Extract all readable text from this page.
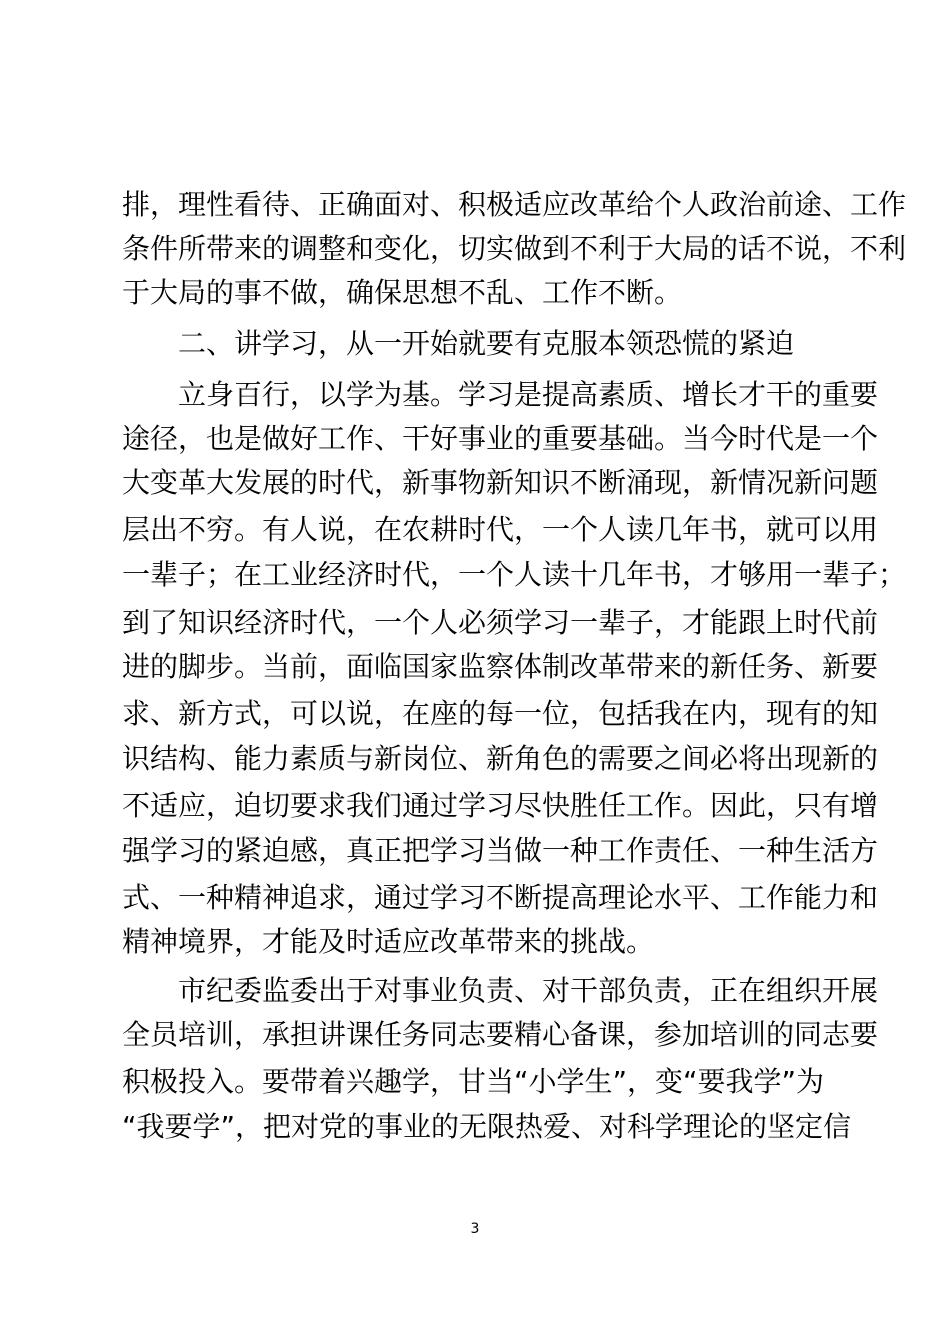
排，理性看待、正确面对、积极适应改革给个人政治前途、工作

条件所带来的调整和变化，切实做到不利于大局的话不说，不利

于大局的事不做，确保思想不乱、工作不断。

二、讲学习，从一开始就要有克服本领恐慌的紧迫

立身百行，以学为基。学习是提高素质、增长才干的重要

途径，也是做好工作、干好事业的重要基础。当今时代是一个

大变革大发展的时代，新事物新知识不断涌现，新情况新问题

层出不穷。有人说，在农耕时代，一个人读几年书，就可以用

一辈子；在工业经济时代，一个人读十几年书，才够用一辈子；

到了知识经济时代，一个人必须学习一辈子，才能跟上时代前

进的脚步。当前，面临国家监察体制改革带来的新任务、新要

求、新方式，可以说，在座的每一位，包括我在内，现有的知

识结构、能力素质与新岗位、新角色的需要之间必将出现新的

不适应，迫切要求我们通过学习尽快胜任工作。因此，只有增

强学习的紧迫感，真正把学习当做一种工作责任、一种生活方

式、一种精神追求，通过学习不断提高理论水平、工作能力和

精神境界，才能及时适应改革带来的挑战。

市纪委监委出于对事业负责、对干部负责，正在组织开展

全员培训，承担讲课任务同志要精心备课，参加培训的同志要

积极投入。要带着兴趣学，甘当“小学生”，变“要我学”为

“我要学”，把对党的事业的无限热爱、对科学理论的坚定信

3
